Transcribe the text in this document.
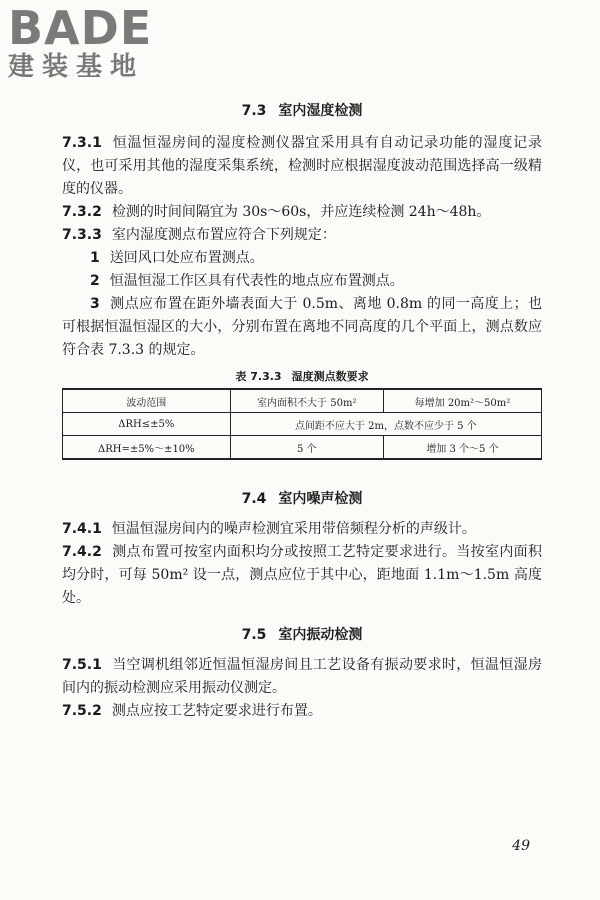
BADE
建装基地
7.3 室内湿度检测

7.3.1 恒温恒湿房间的湿度检测仪器宜采用具有自动记录功能的湿度记录仪，也可采用其他的湿度采集系统，检测时应根据湿度波动范围选择高一级精度的仪器。

7.3.2 检测的时间间隔宜为 30s～60s，并应连续检测 24h～48h。

7.3.3 室内湿度测点布置应符合下列规定：

1 送回风口处应布置测点。

2 恒温恒湿工作区具有代表性的地点应布置测点。

3 测点应布置在距外墙表面大于 0.5m、离地 0.8m 的同一高度上；也可根据恒温恒湿区的大小，分别布置在离地不同高度的几个平面上，测点数应符合表 7.3.3 的规定。

表 7.3.3 湿度测点数要求
波动范围	室内面积不大于 50m²	每增加 20m²～50m²
ΔRH≤±5%	点间距不应大于 2m，点数不应少于 5 个	
ΔRH=±5%～±10%	5 个	增加 3 个～5 个
7.4 室内噪声检测

7.4.1 恒温恒湿房间内的噪声检测宜采用带倍频程分析的声级计。

7.4.2 测点布置可按室内面积均分或按照工艺特定要求进行。当按室内面积均分时，可每 50m² 设一点，测点应位于其中心，距地面 1.1m～1.5m 高度处。

7.5 室内振动检测

7.5.1 当空调机组邻近恒温恒湿房间且工艺设备有振动要求时，恒温恒湿房间内的振动检测应采用振动仪测定。

7.5.2 测点应按工艺特定要求进行布置。

49
